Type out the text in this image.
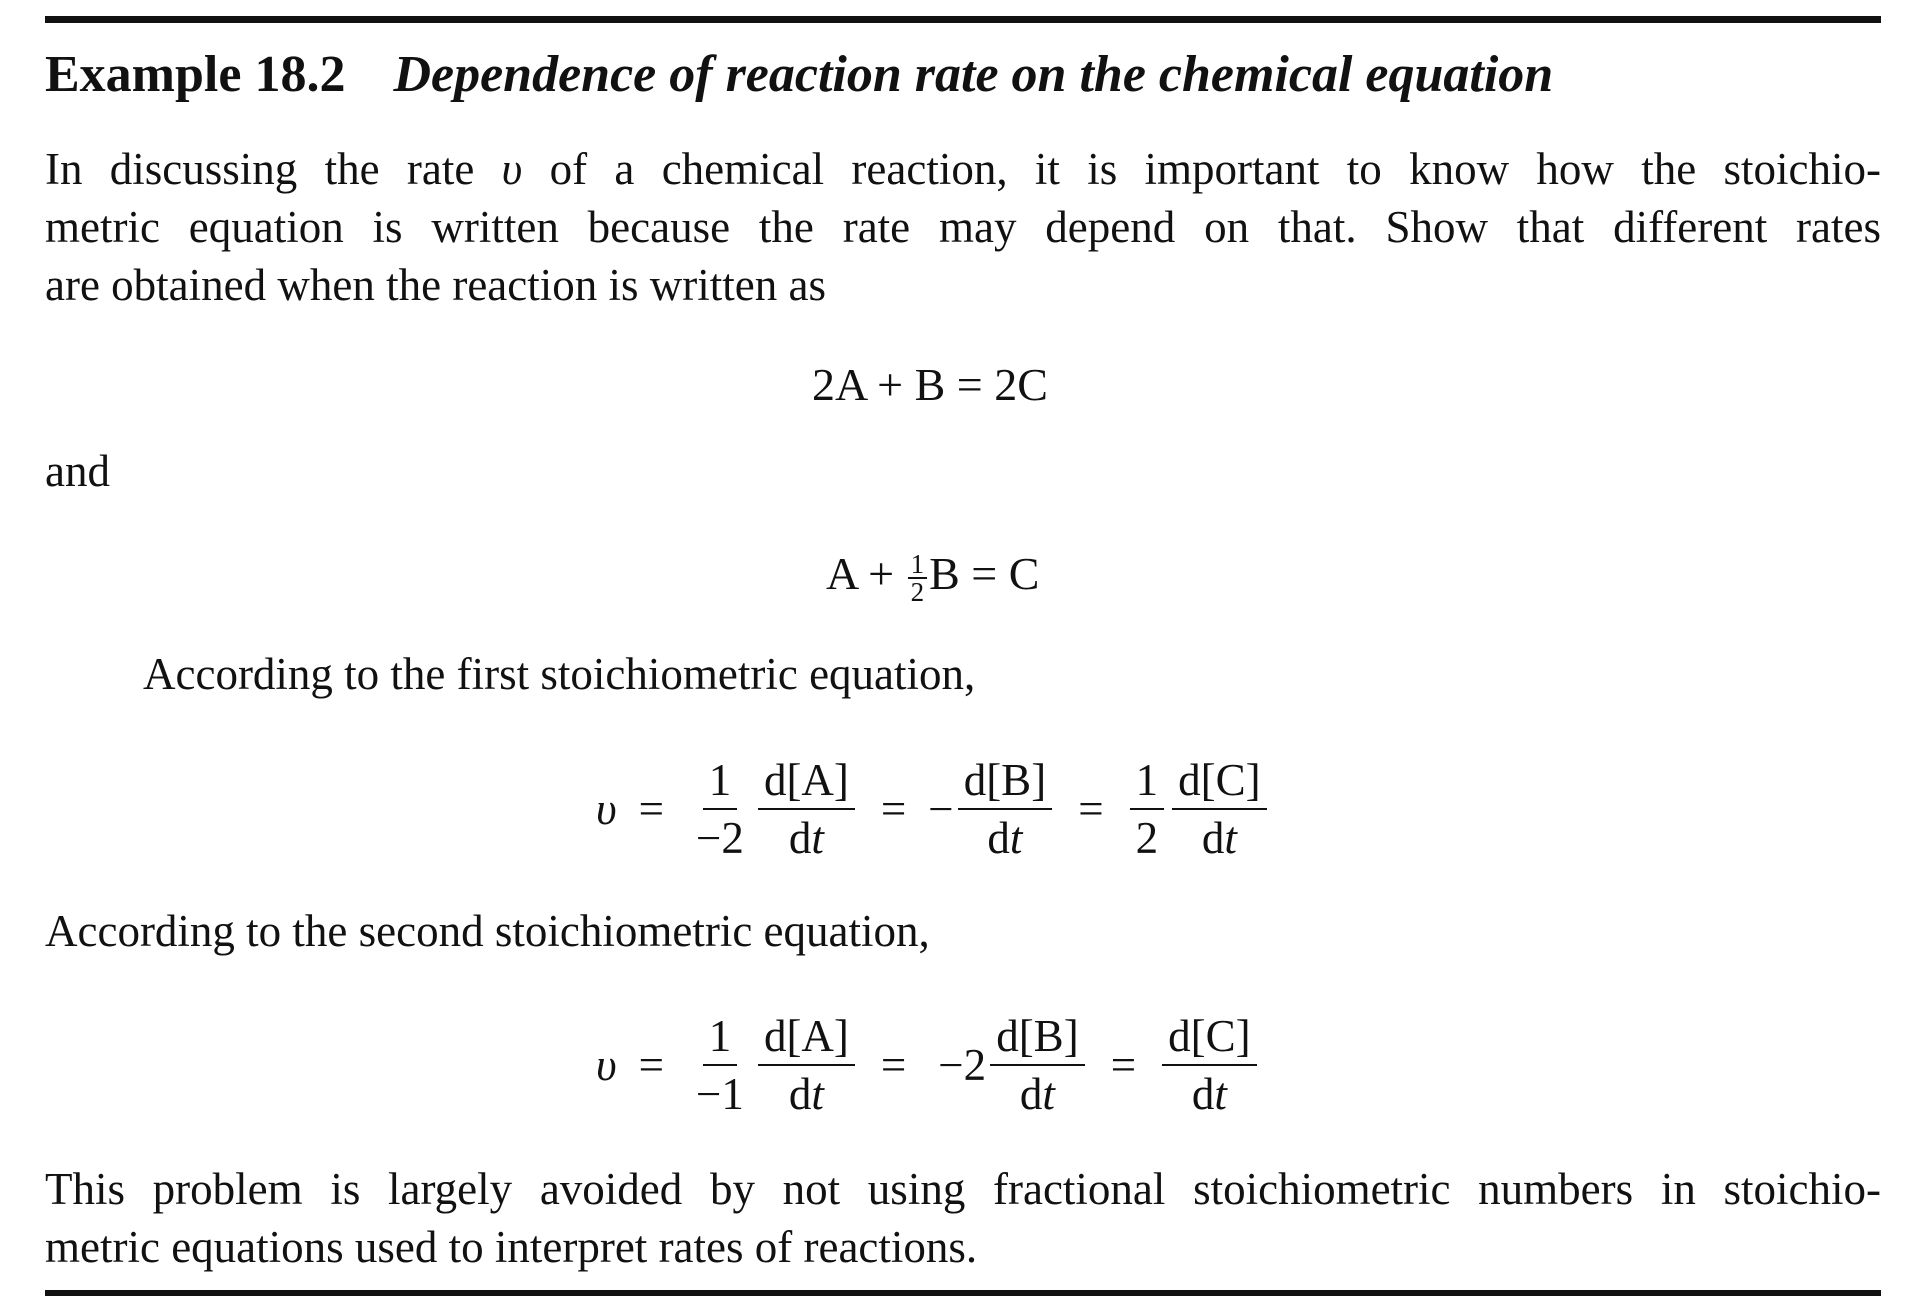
Example 18.2 Dependence of reaction rate on the chemical equation
In discussing the rate υ of a chemical reaction, it is important to know how the stoichio-
metric equation is written because the rate may depend on that. Show that different rates
are obtained when the reaction is written as
2A + B = 2C
and
$A + \frac{1}{2}$ B = C
According to the first stoichiometric equation,
$\upsilon = \frac{1}{-2} \frac{d[A]}{dt}$ = − $\frac{d[B]}{dt} = \frac{1}{2} \frac{d[C]}{dt}$
According to the second stoichiometric equation,
$\upsilon = \frac{1}{-1} \frac{d[A]}{dt} = -2 \frac{d[B]}{dt} = \frac{d[C]}{dt}$
This problem is largely avoided by not using fractional stoichiometric numbers in stoichio-
metric equations used to interpret rates of reactions.
